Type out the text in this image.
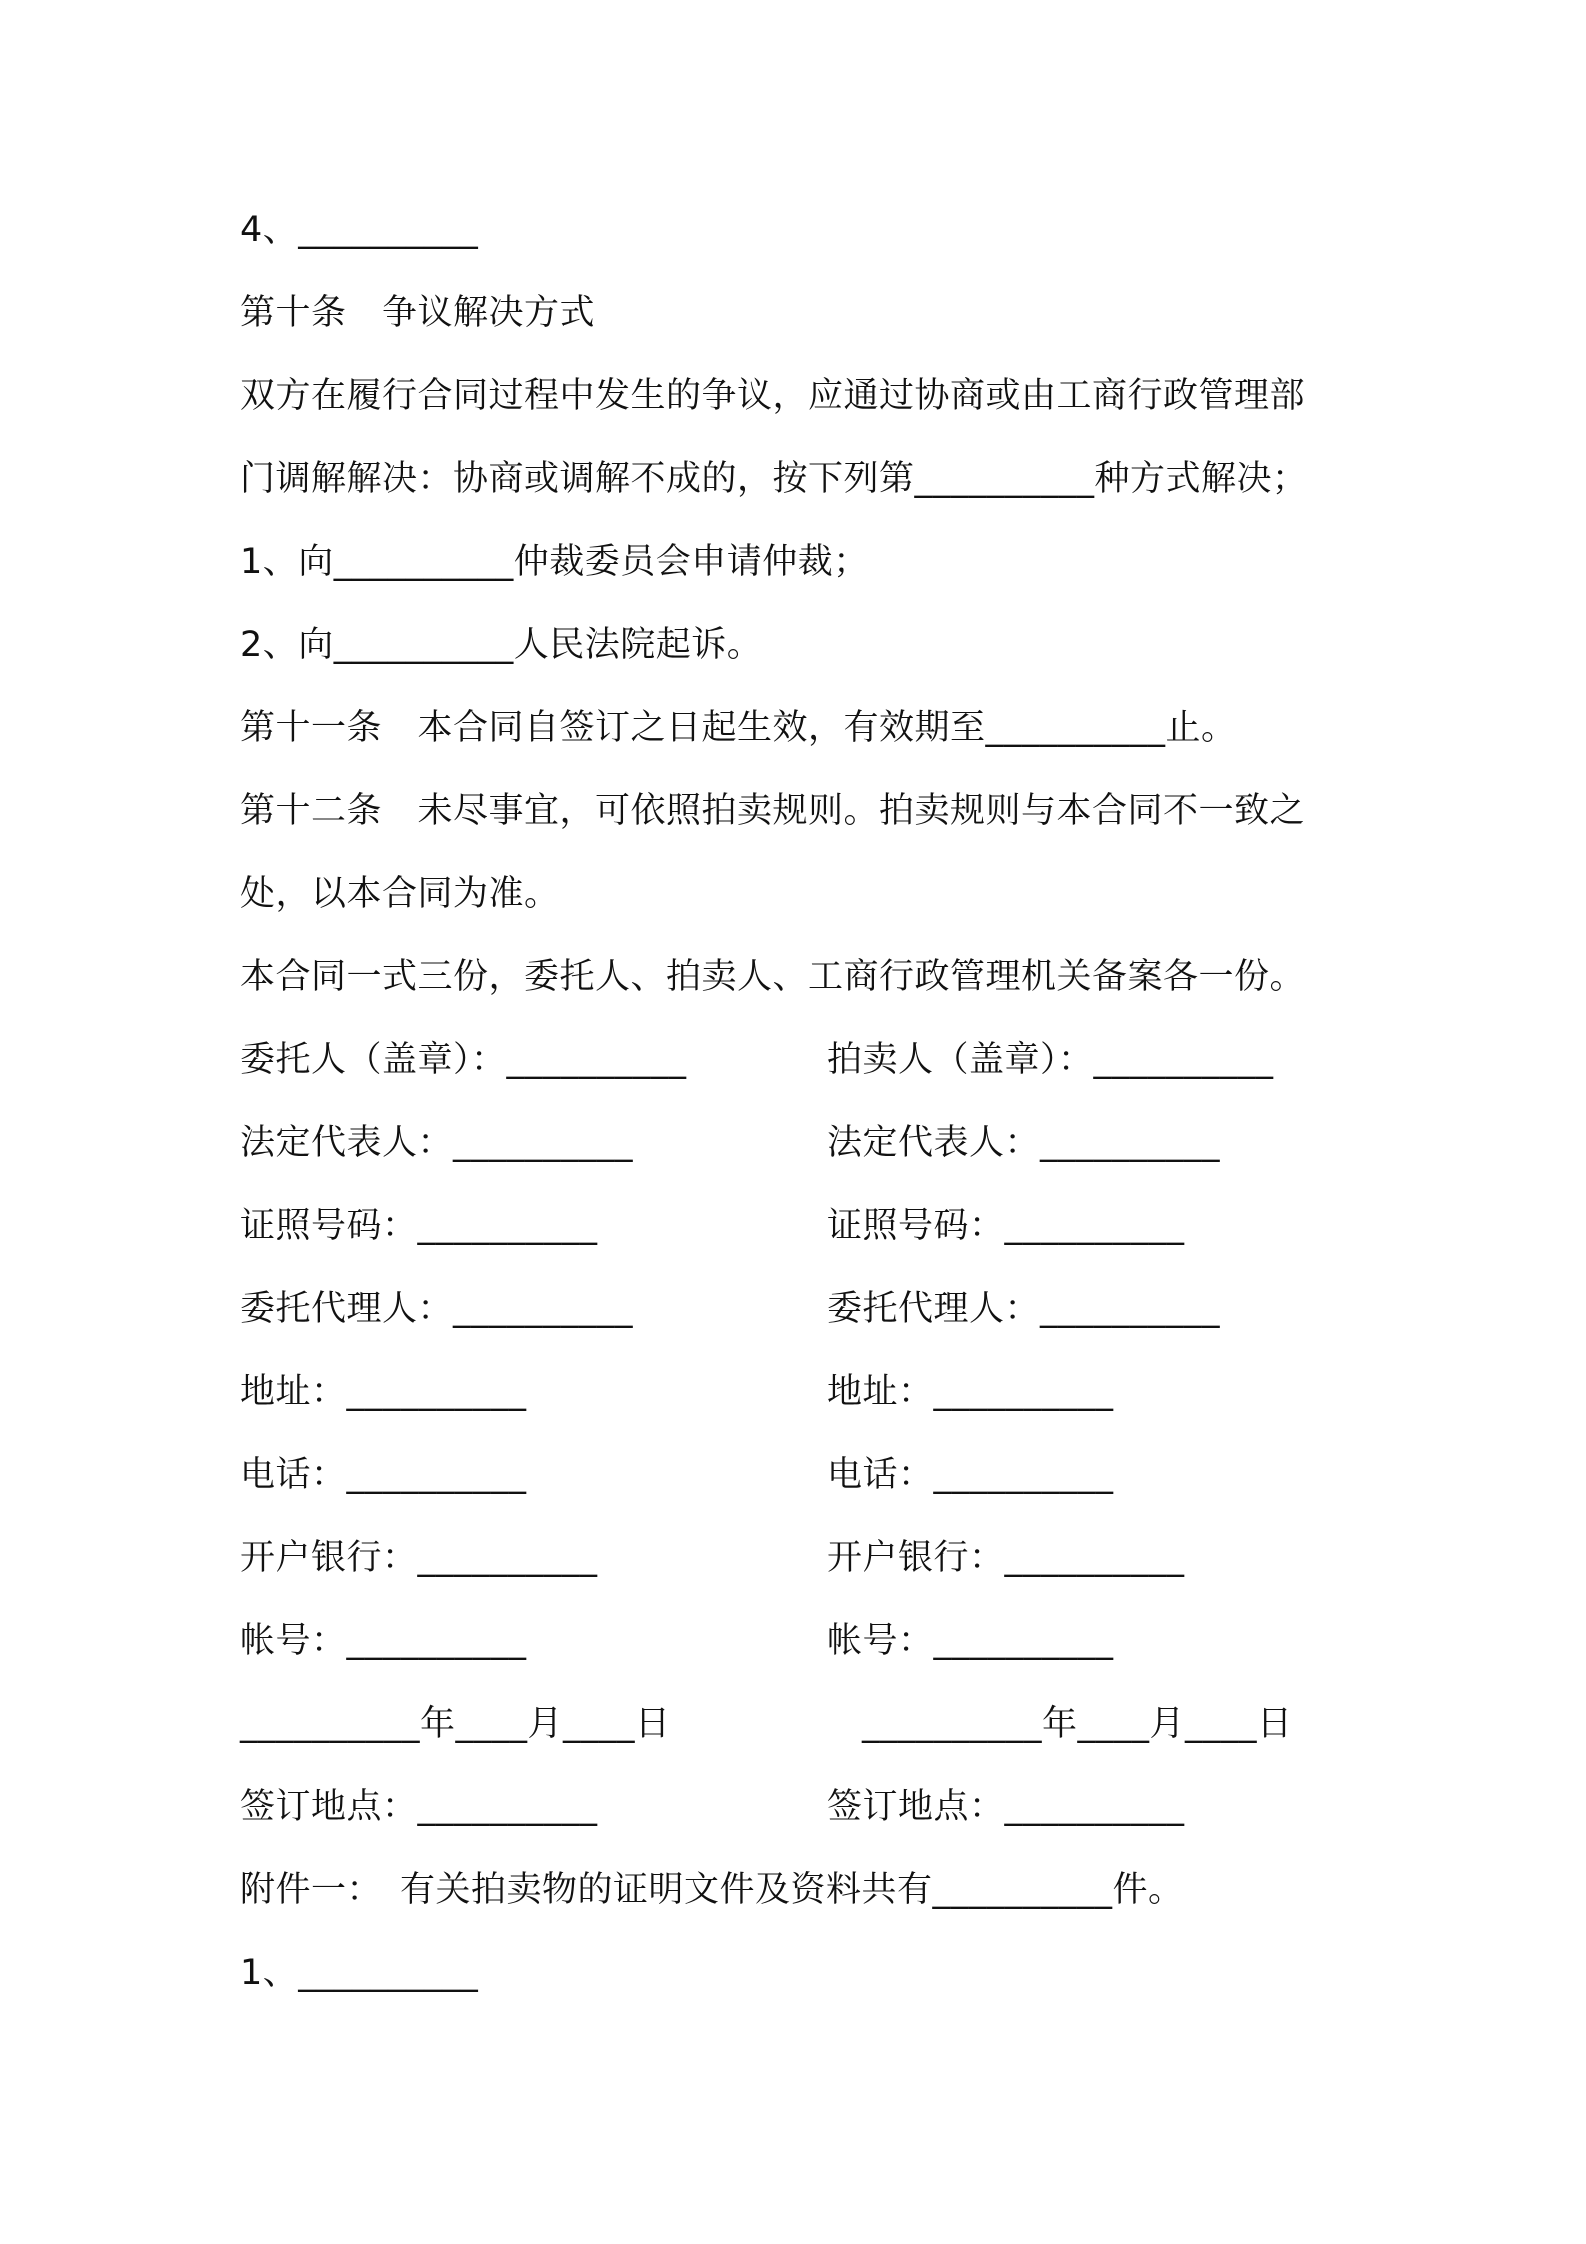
4、__________
第十条　争议解决方式
双方在履行合同过程中发生的争议，应通过协商或由工商行政管理部
门调解解决：协商或调解不成的，按下列第__________种方式解决；
1、向__________仲裁委员会申请仲裁；
2、向__________人民法院起诉。
第十一条　本合同自签订之日起生效，有效期至__________止。
第十二条　未尽事宜，可依照拍卖规则。拍卖规则与本合同不一致之
处，以本合同为准。
本合同一式三份，委托人、拍卖人、工商行政管理机关备案各一份。
委托人（盖章）：__________	拍卖人（盖章）：__________
法定代表人：__________	法定代表人：__________
证照号码：__________	证照号码：__________
委托代理人：__________	委托代理人：__________
地址：__________	地址：__________
电话：__________	电话：__________
开户银行：__________	开户银行：__________
帐号：__________	帐号：__________
__________年____月____日	__________年____月____日
签订地点：__________	签订地点：__________
附件一：　有关拍卖物的证明文件及资料共有__________件。
1、__________
